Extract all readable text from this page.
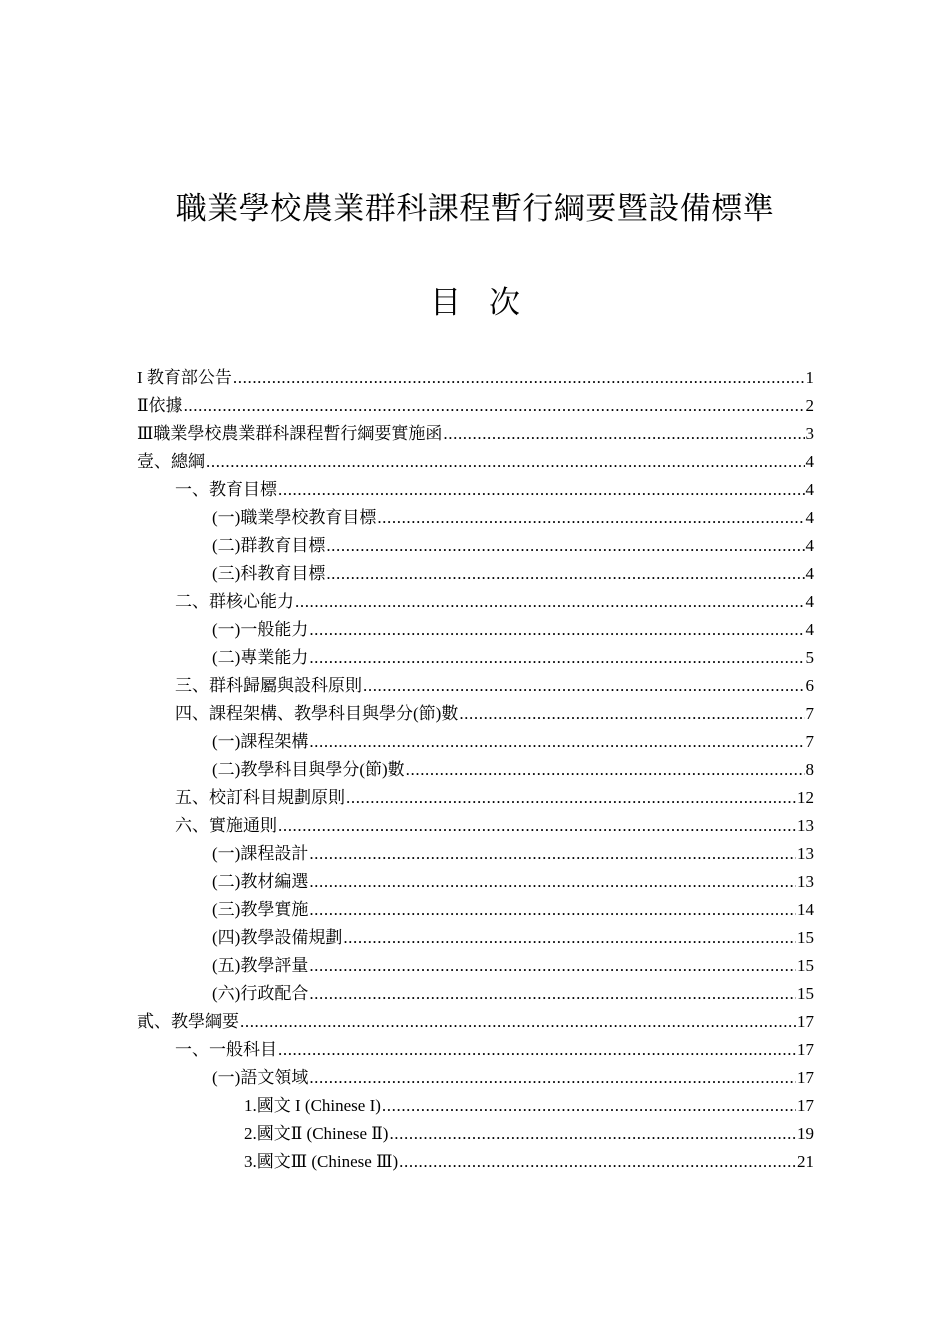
職業學校農業群科課程暫行綱要暨設備標準
目次
I 教育部公告 .....	1
Ⅱ依據 .....	2
Ⅲ職業學校農業群科課程暫行綱要實施函 .....	3
壹、總綱 .....	4
一、教育目標 .....	4
(一)職業學校教育目標 .....	4
(二)群教育目標 .....	4
(三)科教育目標 .....	4
二、群核心能力 .....	4
(一)一般能力 .....	4
(二)專業能力 .....	5
三、群科歸屬與設科原則 .....	6
四、課程架構、教學科目與學分(節)數 .....	7
(一)課程架構 .....	7
(二)教學科目與學分(節)數 .....	8
五、校訂科目規劃原則 .....	12
六、實施通則 .....	13
(一)課程設計 .....	13
(二)教材編選 .....	13
(三)教學實施 .....	14
(四)教學設備規劃 .....	15
(五)教學評量 .....	15
(六)行政配合 .....	15
貳、教學綱要 .....	17
一、一般科目 .....	17
(一)語文領域 .....	17
1.國文 I (Chinese I) .....	17
2.國文Ⅱ (Chinese Ⅱ) .....	19
3.國文Ⅲ (Chinese Ⅲ) .....	21
